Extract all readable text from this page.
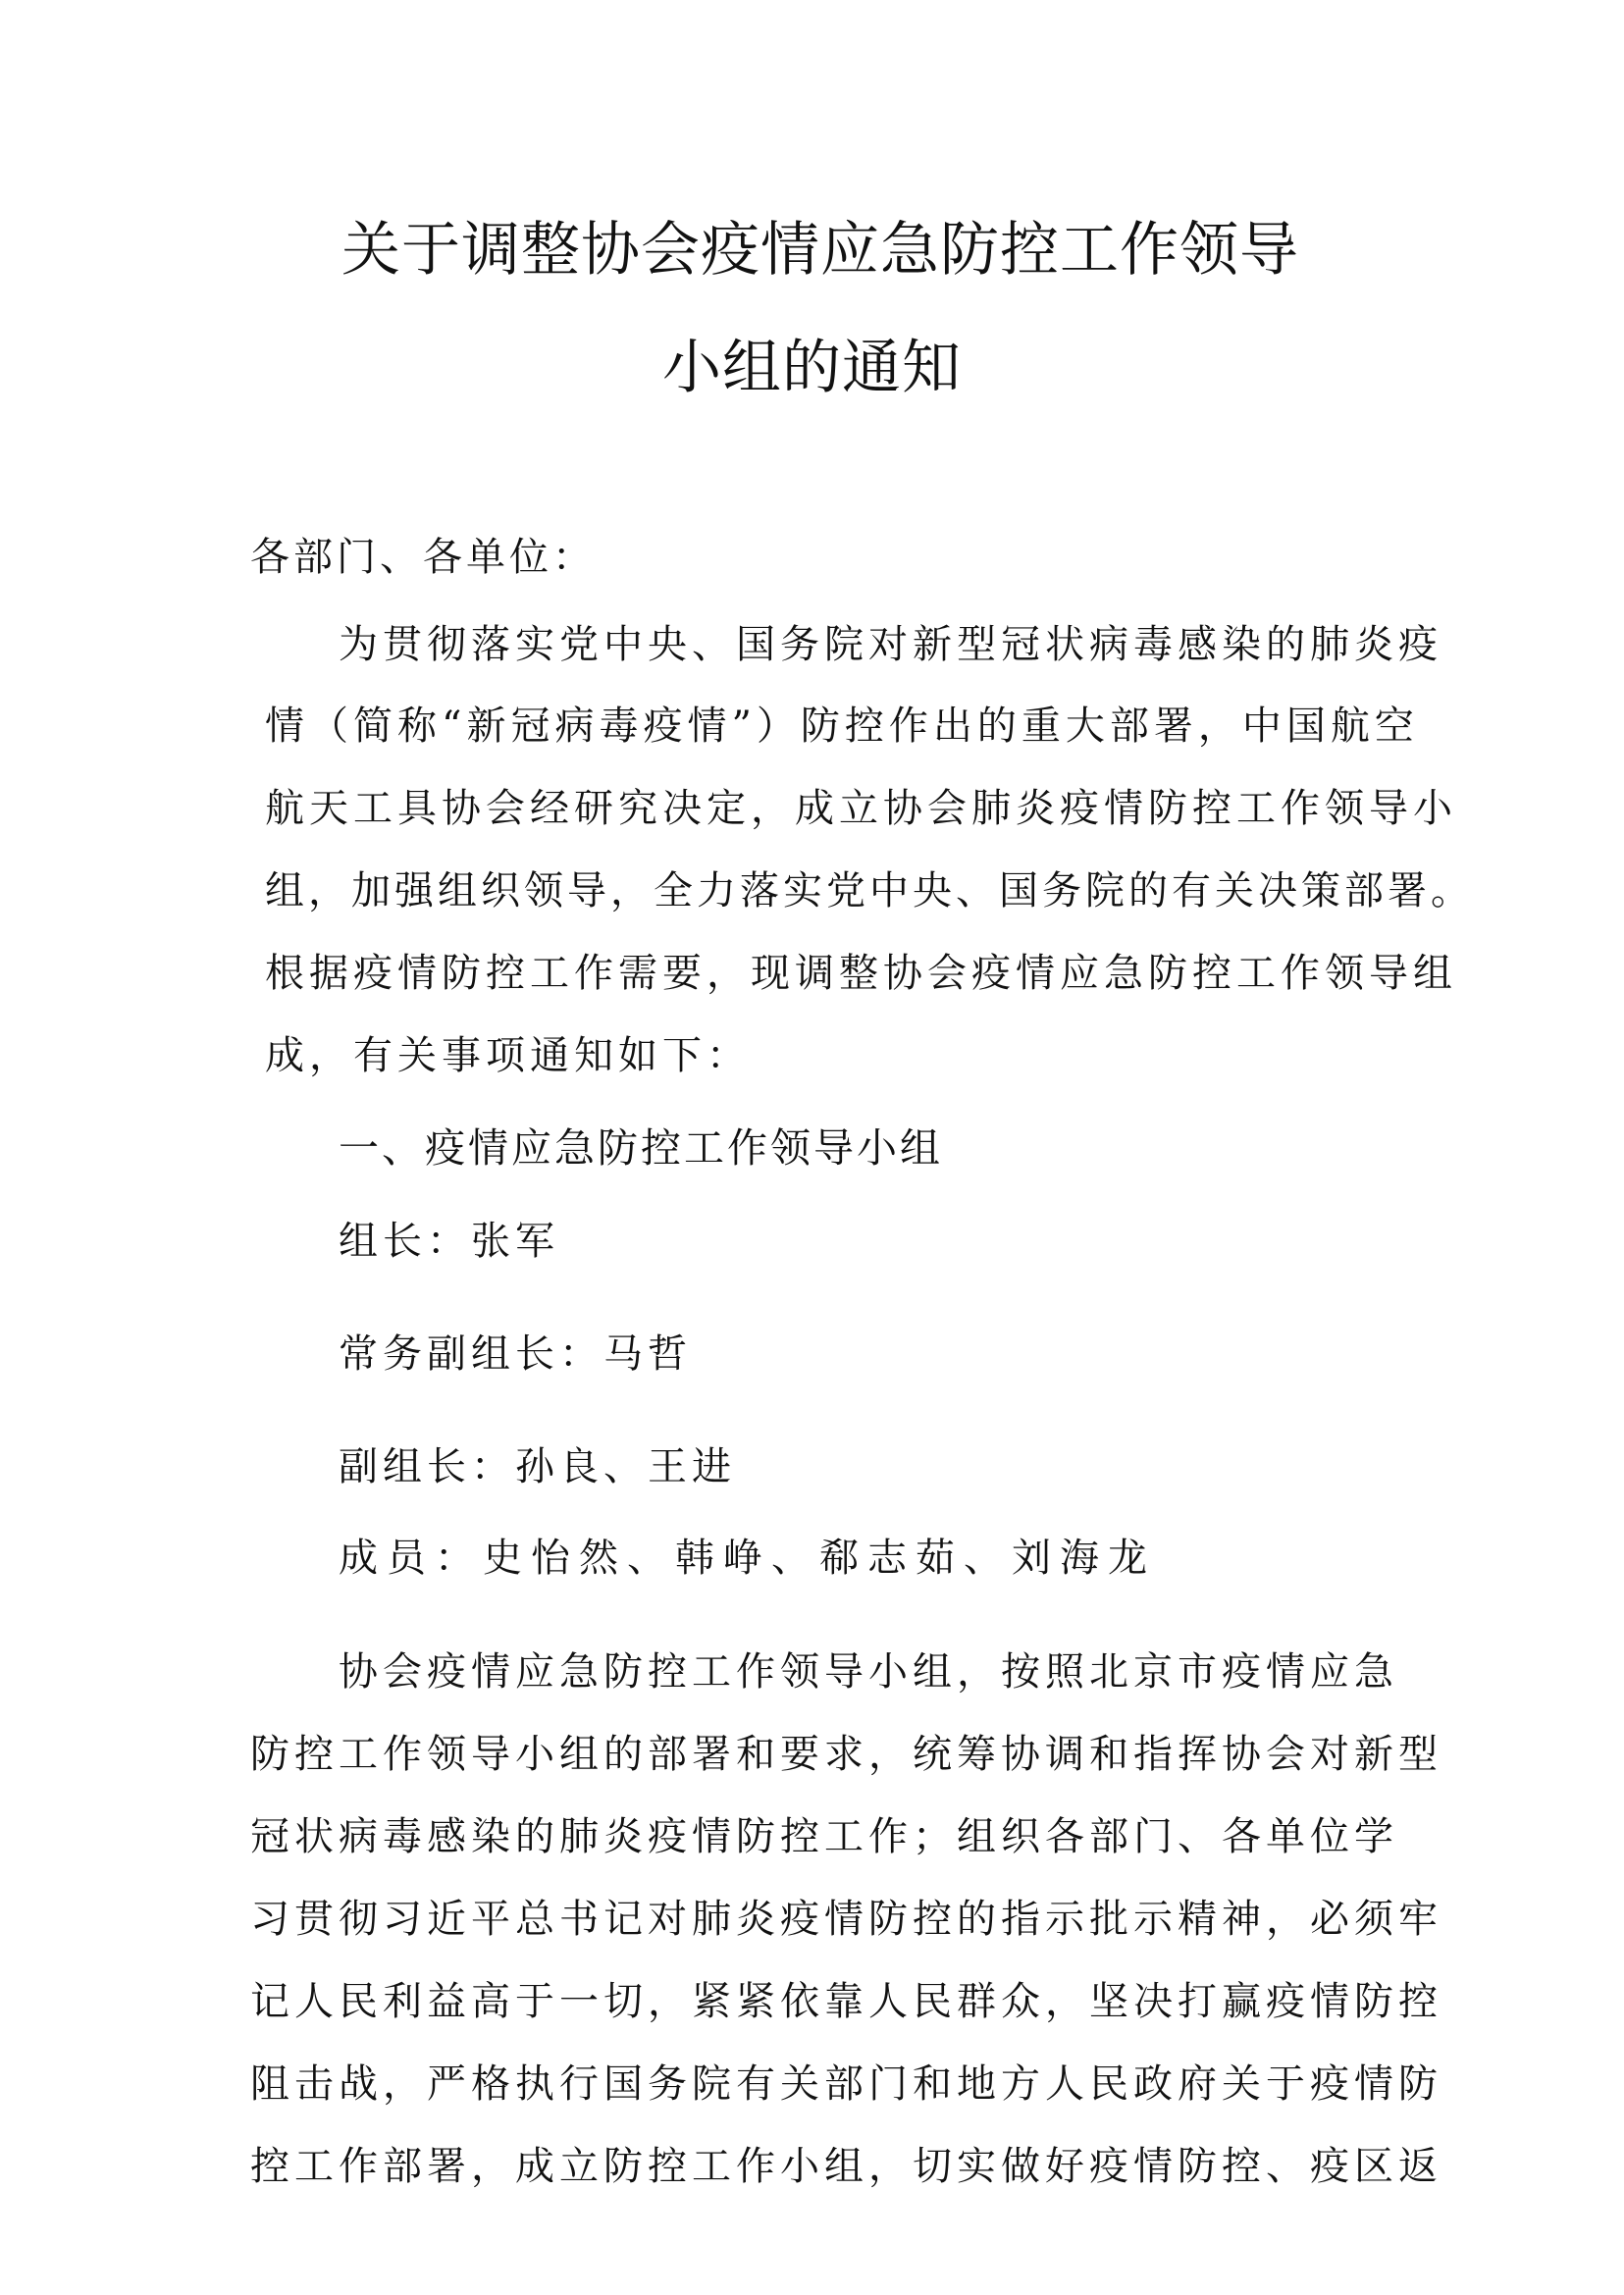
关于调整协会疫情应急防控工作领导
小组的通知
各部门、各单位：
为贯彻落实党中央、国务院对新型冠状病毒感染的肺炎疫
情（简称“新冠病毒疫情”）防控作出的重大部署，中国航空
航天工具协会经研究决定，成立协会肺炎疫情防控工作领导小
组，加强组织领导，全力落实党中央、国务院的有关决策部署。
根据疫情防控工作需要，现调整协会疫情应急防控工作领导组
成，有关事项通知如下：
一、疫情应急防控工作领导小组
组长：张军
常务副组长：马哲
副组长：孙良、王进
成员：史怡然、韩峥、郗志茹、刘海龙
协会疫情应急防控工作领导小组，按照北京市疫情应急
防控工作领导小组的部署和要求，统筹协调和指挥协会对新型
冠状病毒感染的肺炎疫情防控工作；组织各部门、各单位学
习贯彻习近平总书记对肺炎疫情防控的指示批示精神，必须牢
记人民利益高于一切，紧紧依靠人民群众，坚决打赢疫情防控
阻击战，严格执行国务院有关部门和地方人民政府关于疫情防
控工作部署，成立防控工作小组，切实做好疫情防控、疫区返
